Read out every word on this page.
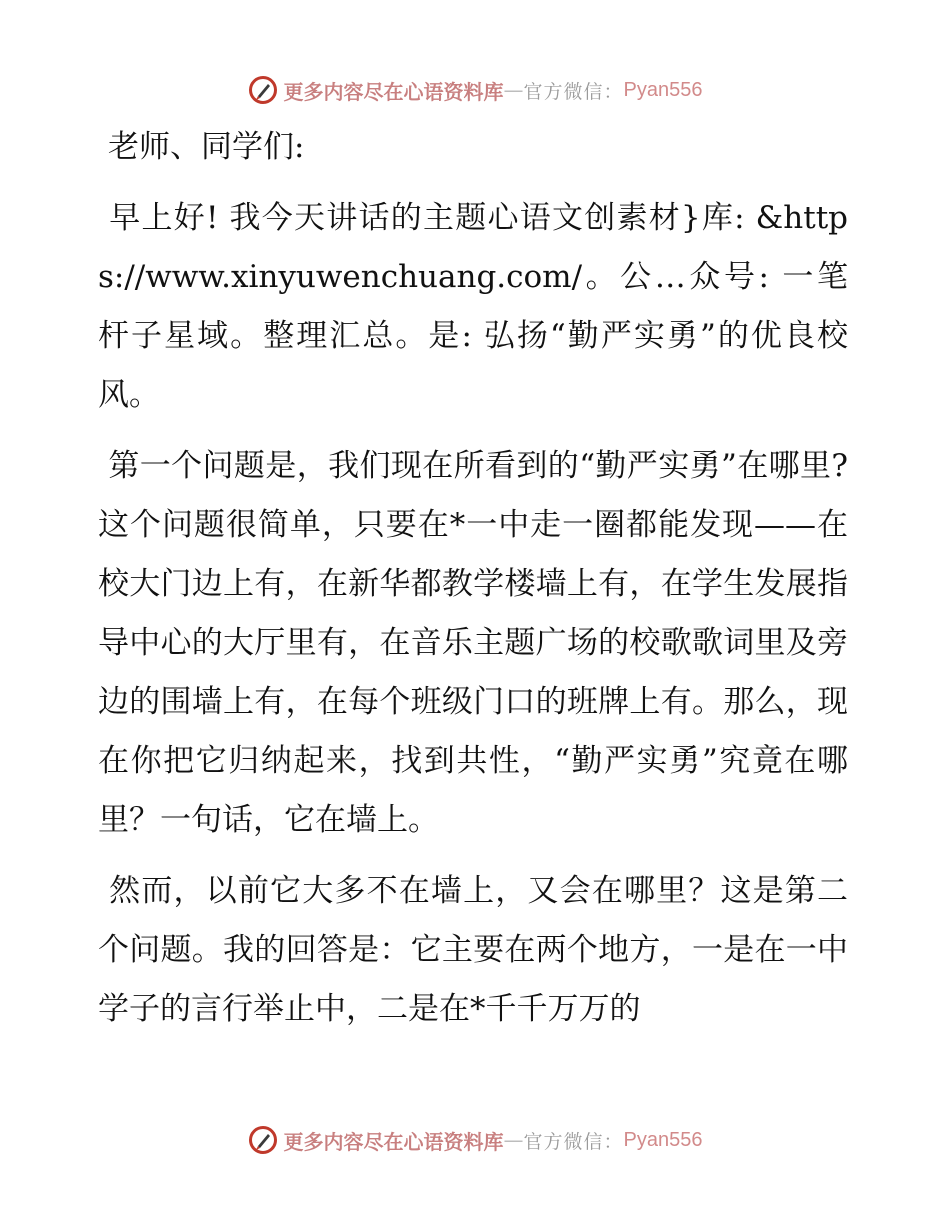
更多内容尽在心语资料库 — 官方微信： Pyan556

老师、同学们:

早上好! 我今天讲话的主题心语文创素材}库: &https://www.xinyuwenchuang.com/。公…众号: 一笔杆子星域。整理汇总。是: 弘扬“勤严实勇”的优良校风。

第一个问题是，我们现在所看到的“勤严实勇”在哪里?这个问题很简单，只要在*一中走一圈都能发现——在校大门边上有，在新华都教学楼墙上有，在学生发展指导中心的大厅里有，在音乐主题广场的校歌歌词里及旁边的围墙上有，在每个班级门口的班牌上有。那么，现在你把它归纳起来，找到共性，“勤严实勇”究竟在哪里？一句话，它在墙上。

然而，以前它大多不在墙上，又会在哪里？这是第二个问题。我的回答是：它主要在两个地方，一是在一中学子的言行举止中，二是在*千千万万的

更多内容尽在心语资料库 — 官方微信： Pyan556
